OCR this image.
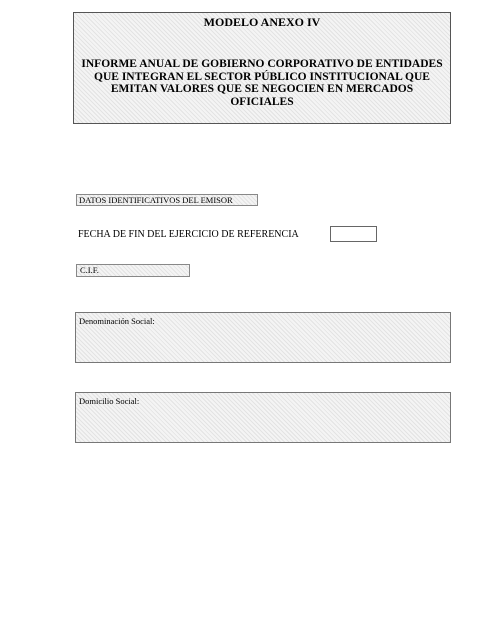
MODELO ANEXO IV
INFORME ANUAL DE GOBIERNO CORPORATIVO DE ENTIDADES QUE INTEGRAN EL SECTOR PÚBLICO INSTITUCIONAL QUE EMITAN VALORES QUE SE NEGOCIEN EN MERCADOS OFICIALES
DATOS IDENTIFICATIVOS DEL EMISOR
FECHA DE FIN DEL EJERCICIO DE REFERENCIA
C.I.F.
Denominación Social:
Domicilio Social:
